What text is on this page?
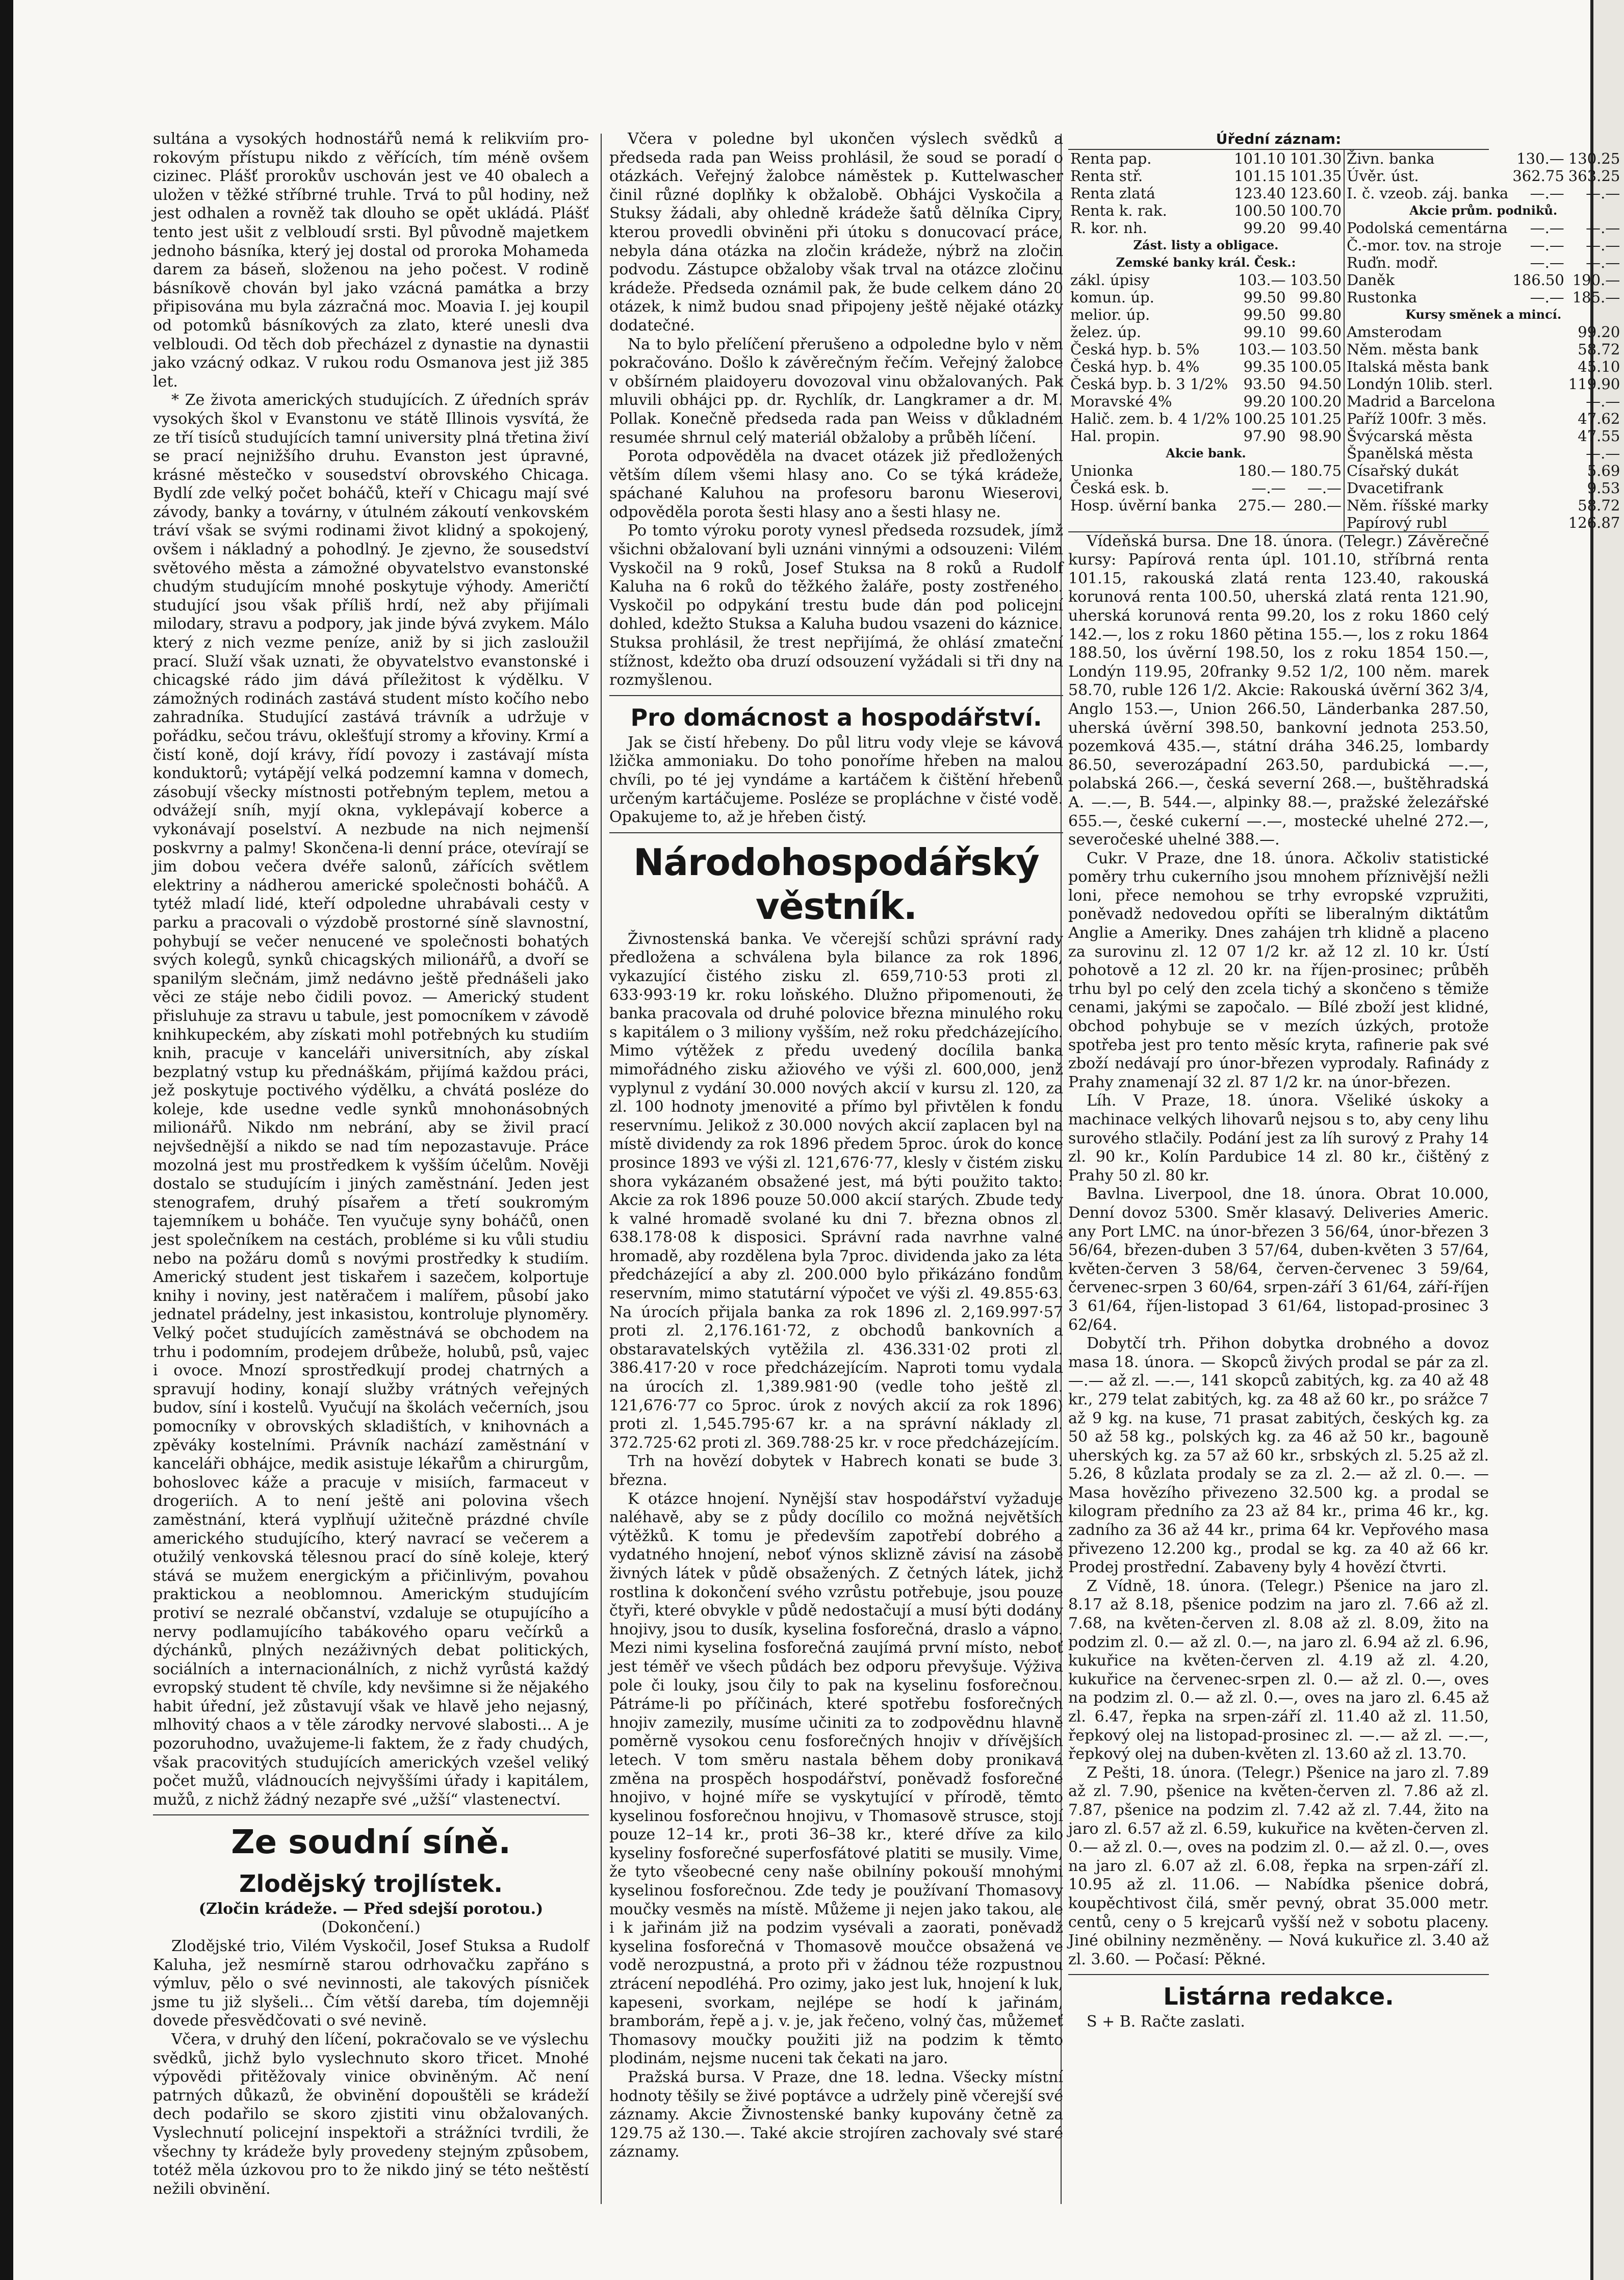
sultána a vysokých hodnostářů nemá k relikviím pro- rokovým přístupu nikdo z věřících, tím méně ovšem cizinec. Plášť prorokův uschován jest ve 40 obalech a uložen v těžké stříbrné truhle. Trvá to půl hodiny, než jest odhalen a rovněž tak dlouho se opět ukládá. Plášť tento jest ušit z velbloudí srsti. Byl původně majetkem jednoho básníka, který jej dostal od proroka Mohameda darem za báseň, složenou na jeho počest. V rodině básníkově chován byl jako vzácná památka a brzy připisována mu byla zázračná moc. Moavia I. jej koupil od potomků básníkových za zlato, které unesli dva velbloudi. Od těch dob přecházel z dynastie na dynastii jako vzácný odkaz. V rukou rodu Osmanova jest již 385 let.

* Ze života amerických studujících. Z úředních správ vysokých škol v Evanstonu ve státě Illinois vysvítá, že ze tří tisíců studujících tamní university plná třetina živí se prací nejnižšího druhu. Evanston jest úpravné, krásné městečko v sousedství obrovského Chicaga. Bydlí zde velký počet boháčů, kteří v Chicagu mají své závody, banky a továrny, v útulném zákoutí venkovském tráví však se svými rodinami život klidný a spokojený, ovšem i nákladný a pohodlný. Je zjevno, že sousedství světového města a zámožné obyvatelstvo evanstonské chudým studujícím mnohé poskytuje výhody. Američtí studující jsou však příliš hrdí, než aby přijímali milodary, stravu a podpory, jak jinde bývá zvykem. Málo který z nich vezme peníze, aniž by si jich zasloužil prací. Služí však uznati, že obyvatelstvo evanstonské i chicagské rádo jim dává příležitost k výdělku. V zámožných rodinách zastává student místo kočího nebo zahradníka. Studující zastává trávník a udržuje v pořádku, sečou trávu, oklešťují stromy a křoviny. Krmí a čistí koně, dojí krávy, řídí povozy i zastávají místa konduktorů; vytápějí velká podzemní kamna v domech, zásobují všecky místnosti potřebným teplem, metou a odvážejí sníh, myjí okna, vyklepávají koberce a vykonávají poselství. A nezbude na nich nejmenší poskvrny a palmy! Skončena-li denní práce, otevírají se jim dobou večera dvéře salonů, zářících světlem elektriny a nádherou americké společnosti boháčů. A tytéž mladí lidé, kteří odpoledne uhrabávali cesty v parku a pracovali o výzdobě prostorné síně slavnostní, pohybují se večer nenucené ve společnosti bohatých svých kolegů, synků chicagských milionářů, a dvoří se spanilým slečnám, jimž nedávno ještě přednášeli jako věci ze stáje nebo čidili povoz. — Americký student přisluhuje za stravu u tabule, jest pomocníkem v závodě knihkupeckém, aby získati mohl potřebných ku studiím knih, pracuje v kanceláři universitních, aby získal bezplatný vstup ku přednáškám, přijímá každou práci, jež poskytuje poctivého výdělku, a chvátá posléze do koleje, kde usedne vedle synků mnohonásobných milionářů. Nikdo nm nebrání, aby se živil prací nejvšednější a nikdo se nad tím nepozastavuje. Práce mozolná jest mu prostředkem k vyšším účelům. Nověji dostalo se studujícím i jiných zaměstnání. Jeden jest stenografem, druhý písařem a třetí soukromým tajemníkem u boháče. Ten vyučuje syny boháčů, onen jest společníkem na cestách, probléme si ku vůli studiu nebo na požáru domů s novými prostředky k studiím. Americký student jest tiskařem i sazečem, kolportuje knihy i noviny, jest natěračem i malířem, působí jako jednatel prádelny, jest inkasistou, kontroluje plynoměry. Velký počet studujících zaměstnává se obchodem na trhu i podomním, prodejem drůbeže, holubů, psů, vajec i ovoce. Mnozí sprostředkují prodej chatrných a spravují hodiny, konají služby vrátných veřejných budov, síní i kostelů. Vyučují na školách večerních, jsou pomocníky v obrovských skladištích, v knihovnách a zpěváky kostelními. Právník nachází zaměstnání v kanceláři obhájce, medik asistuje lékařům a chirurgům, bohoslovec káže a pracuje v misiích, farmaceut v drogeriích. A to není ještě ani polovina všech zaměstnání, která vyplňují užitečně prázdné chvíle amerického studujícího, který navrací se večerem a otužilý venkovská tělesnou prací do síně koleje, který stává se mužem energickým a přičinlivým, povahou praktickou a neoblomnou. Americkým studujícím protiví se nezralé občanství, vzdaluje se otupujícího a nervy podlamujícího tabákového oparu večírků a dýchánků, plných nezáživných debat politických, sociálních a internacionálních, z nichž vyrůstá každý evropský student tě chvíle, kdy nevšimne si že nějakého habit úřední, jež zůstavují však ve hlavě jeho nejasný, mlhovitý chaos a v těle zárodky nervové slabosti... A je pozoruhodno, uvažujeme-li faktem, že z řady chudých, však pracovitých studujících amerických vzešel veliký počet mužů, vládnoucích nejvyššími úřady i kapitálem, mužů, z nichž žádný nezapře své „užší“ vlastenectví.

Ze soudní síně.
Zlodějský trojlístek.
(Zločin krádeže. — Před sdejší porotou.)
(Dokončení.)

Zlodějské trio, Vilém Vyskočil, Josef Stuksa a Rudolf Kaluha, jež nesmírně starou odrhovačku zapřáno s výmluv, pělo o své nevinnosti, ale takových písniček jsme tu již slyšeli... Čím větší dareba, tím dojemněji dovede přesvědčovati o své nevině.

Včera, v druhý den líčení, pokračovalo se ve výslechu svědků, jichž bylo vyslechnuto skoro třicet. Mnohé výpovědi přitěžovaly vinice obviněným. Ač není patrných důkazů, že obvinění dopouštěli se krádeží dech podařilo se skoro zjistiti vinu obžalovaných. Vyslechnutí policejní inspektoři a strážníci tvrdili, že všechny ty krádeže byly provedeny stejným způsobem, totéž měla úzkovou pro to že nikdo jiný se této neštěstí nežili obvinění.

Včera v poledne byl ukončen výslech svědků a předseda rada pan Weiss prohlásil, že soud se poradí o otázkách. Veřejný žalobce náměstek p. Kuttelwascher činil různé doplňky k obžalobě. Obhájci Vyskočila a Stuksy žádali, aby ohledně krádeže šatů dělníka Cipry, kterou provedli obviněni při útoku s donucovací práce, nebyla dána otázka na zločin krádeže, nýbrž na zločin podvodu. Zástupce obžaloby však trval na otázce zločinu krádeže. Předseda oznámil pak, že bude celkem dáno 20 otázek, k nimž budou snad připojeny ještě nějaké otázky dodatečné.

Na to bylo přelíčení přerušeno a odpoledne bylo v něm pokračováno. Došlo k závěrečným řečím. Veřejný žalobce v obšírném plaidoyeru dovozoval vinu obžalovaných. Pak mluvili obhájci pp. dr. Rychlík, dr. Langkramer a dr. M. Pollak. Konečně předseda rada pan Weiss v důkladném resumée shrnul celý materiál obžaloby a průběh líčení.

Porota odpověděla na dvacet otázek již předložených větším dílem všemi hlasy ano. Co se týká krádeže, spáchané Kaluhou na profesoru baronu Wieserovi, odpověděla porota šesti hlasy ano a šesti hlasy ne.

Po tomto výroku poroty vynesl předseda rozsudek, jímž všichni obžalovaní byli uznáni vinnými a odsouzeni: Vilém Vyskočil na 9 roků, Josef Stuksa na 8 roků a Rudolf Kaluha na 6 roků do těžkého žaláře, posty zostřeného. Vyskočil po odpykání trestu bude dán pod policejní dohled, kdežto Stuksa a Kaluha budou vsazeni do káznice. Stuksa prohlásil, že trest nepřijímá, že ohlásí zmateční stížnost, kdežto oba druzí odsouzení vyžádali si tři dny na rozmyšlenou.

Pro domácnost a hospodářství.

Jak se čistí hřebeny. Do půl litru vody vleje se kávová lžička ammoniaku. Do toho ponoříme hřeben na malou chvíli, po té jej vyndáme a kartáčem k čištění hřebenů určeným kartáčujeme. Posléze se propláchne v čisté vodě. Opakujeme to, až je hřeben čistý.

Národohospodářský věstník.

Živnostenská banka. Ve včerejší schůzi správní rady předložena a schválena byla bilance za rok 1896, vykazující čistého zisku zl. 659,710·53 proti zl. 633·993·19 kr. roku loňského. Dlužno připomenouti, že banka pracovala od druhé polovice března minulého roku s kapitálem o 3 miliony vyšším, než roku předcházejícího. Mimo výtěžek z předu uvedený docílila banka mimořádného zisku ažiového ve výši zl. 600,000, jenž vyplynul z vydání 30.000 nových akcií v kursu zl. 120, za zl. 100 hodnoty jmenovité a přímo byl přivtělen k fondu reservnímu. Jelikož z 30.000 nových akcií zaplacen byl na místě dividendy za rok 1896 předem 5proc. úrok do konce prosince 1893 ve výši zl. 121,676·77, klesly v čistém zisku shora vykázaném obsažené jest, má býti použito takto: Akcie za rok 1896 pouze 50.000 akcií starých. Zbude tedy k valné hromadě svolané ku dni 7. března obnos zl. 638.178·08 k disposici. Správní rada navrhne valné hromadě, aby rozdělena byla 7proc. dividenda jako za léta předcházející a aby zl. 200.000 bylo přikázáno fondům reservním, mimo statutární výpočet ve výši zl. 49.855·63. Na úrocích přijala banka za rok 1896 zl. 2,169.997·57 proti zl. 2,176.161·72, z obchodů bankovních a obstaravatelských vytěžila zl. 436.331·02 proti zl. 386.417·20 v roce předcházejícím. Naproti tomu vydala na úrocích zl. 1,389.981·90 (vedle toho ještě zl. 121,676·77 co 5proc. úrok z nových akcií za rok 1896) proti zl. 1,545.795·67 kr. a na správní náklady zl. 372.725·62 proti zl. 369.788·25 kr. v roce předcházejícím.

Trh na hovězí dobytek v Habrech konati se bude 3. března.

K otázce hnojení. Nynější stav hospodářství vyžaduje naléhavě, aby se z půdy docílilo co možná největších výtěžků. K tomu je především zapotřebí dobrého a vydatného hnojení, neboť výnos sklizně závisí na zásobě živných látek v půdě obsažených. Z četných látek, jichž rostlina k dokončení svého vzrůstu potřebuje, jsou pouze čtyři, které obvykle v půdě nedostačují a musí býti dodány hnojivy, jsou to dusík, kyselina fosforečná, draslo a vápno. Mezi nimi kyselina fosforečná zaujímá první místo, neboť jest téměř ve všech půdách bez odporu převyšuje. Výživa pole či louky, jsou čily to pak na kyselinu fosforečnou. Pátráme-li po příčinách, které spotřebu fosforečných hnojiv zamezily, musíme učiniti za to zodpovědnu hlavně poměrně vysokou cenu fosforečných hnojiv v dřívějších letech. V tom směru nastala během doby pronikavá změna na prospěch hospodářství, poněvadž fosforečné hnojivo, v hojné míře se vyskytující v přírodě, těmto kyselinou fosforečnou hnojivu, v Thomasově strusce, stojí pouze 12–14 kr., proti 36–38 kr., které dříve za kilo kyseliny fosforečné superfosfátové platiti se musily. Vime, že tyto všeobecné ceny naše obilníny pokouší mnohými kyselinou fosforečnou. Zde tedy je používaní Thomasovy moučky vesměs na místě. Můžeme ji nejen jako takou, ale i k jařinám již na podzim vysévali a zaorati, poněvadž kyselina fosforečná v Thomasově moučce obsažená ve vodě nerozpustná, a proto při v žádnou téže rozpustnou ztrácení nepodléhá. Pro ozimy, jako jest luk, hnojení k luk, kapeseni, svorkam, nejlépe se hodí k jařinám, bramborám, řepě a j. v. je, jak řečeno, volný čas, můžemeť Thomasovy moučky použiti již na podzim k těmto plodinám, nejsme nuceni tak čekati na jaro.

Pražská bursa. V Praze, dne 18. ledna. Všecky místní hodnoty těšily se živé poptávce a udržely pině včerejší své záznamy. Akcie Živnostenské banky kupovány četně za 129.75 až 130.—. Také akcie strojíren zachovaly své staré záznamy.

Úřední záznam:
Renta pap.	101.10	101.30
Renta stř.	101.15	101.35
Renta zlatá	123.40	123.60
Renta k. rak.	100.50	100.70
R. kor. nh.	99.20	99.40
Zást. listy a obligace.		
Zemské banky král. Česk.:		
zákl. úpisy	103.—	103.50
komun. úp.	99.50	99.80
melior. úp.	99.50	99.80
želez. úp.	99.10	99.60
Česká hyp. b. 5%	103.—	103.50
Česká hyp. b. 4%	99.35	100.05
Česká byp. b. 3 1/2%	93.50	94.50
Moravské 4%	99.20	100.20
Halič. zem. b. 4 1/2%	100.25	101.25
Hal. propin.	97.90	98.90
Akcie bank.		
Unionka	180.—	180.75
Česká esk. b.	—.—	—.—
Hosp. úvěrní banka	275.—	280.—
Živn. banka	130.—	130.25
Úvěr. úst.	362.75	363.25
I. č. vzeob. záj. banka	—.—	—.—
Akcie prům. podniků.		
Podolská cementárna	—.—	—.—
Č.-mor. tov. na stroje	—.—	—.—
Ruďn. modř.	—.—	—.—
Daněk	186.50	190.—
Rustonka	—.—	185.—
Kursy směnek a mincí.		
Amsterodam		99.20
Něm. města bank		58.72
Italská města bank		45.10
Londýn 10lib. sterl.		119.90
Madrid a Barcelona		—.—
Paříž 100fr. 3 měs.		47.62
Švýcarská města		47.55
Španělská města		—.—
Císařský dukát		5.69
Dvacetifrank		9.53
Něm. říšské marky		58.72
Papírový rubl		126.87

Vídeňská bursa. Dne 18. února. (Telegr.) Závěrečné kursy: Papírová renta úpl. 101.10, stříbrná renta 101.15, rakouská zlatá renta 123.40, rakouská korunová renta 100.50, uherská zlatá renta 121.90, uherská korunová renta 99.20, los z roku 1860 celý 142.—, los z roku 1860 pětina 155.—, los z roku 1864 188.50, los úvěrní 198.50, los z roku 1854 150.—, Londýn 119.95, 20franky 9.52 1/2, 100 něm. marek 58.70, ruble 126 1/2. Akcie: Rakouská úvěrní 362 3/4, Anglo 153.—, Union 266.50, Länderbanka 287.50, uherská úvěrní 398.50, bankovní jednota 253.50, pozemková 435.—, státní dráha 346.25, lombardy 86.50, severozápadní 263.50, pardubická —.—, polabská 266.—, česká severní 268.—, buštěhradská A. —.—, B. 544.—, alpinky 88.—, pražské železářské 655.—, české cukerní —.—, mostecké uhelné 272.—, severočeské uhelné 388.—.

Cukr. V Praze, dne 18. února. Ačkoliv statistické poměry trhu cukerního jsou mnohem příznivější nežli loni, přece nemohou se trhy evropské vzpružiti, poněvadž nedovedou opříti se liberalným diktátům Anglie a Ameriky. Dnes zahájen trh klidně a placeno za surovinu zl. 12 07 1/2 kr. až 12 zl. 10 kr. Ústí pohotově a 12 zl. 20 kr. na říjen-prosinec; průběh trhu byl po celý den zcela tichý a skončeno s těmiže cenami, jakými se započalo. — Bílé zboží jest klidné, obchod pohybuje se v mezích úzkých, protože spotřeba jest pro tento měsíc kryta, rafinerie pak své zboží nedávají pro únor-březen vyprodaly. Rafinády z Prahy znamenají 32 zl. 87 1/2 kr. na únor-březen.

Líh. V Praze, 18. února. Všeliké úskoky a machinace velkých lihovarů nejsou s to, aby ceny lihu surového stlačily. Podání jest za líh surový z Prahy 14 zl. 90 kr., Kolín Pardubice 14 zl. 80 kr., čištěný z Prahy 50 zl. 80 kr.

Bavlna. Liverpool, dne 18. února. Obrat 10.000, Denní dovoz 5300. Směr klasavý. Deliveries Americ. any Port LMC. na únor-březen 3 56/64, únor-březen 3 56/64, březen-duben 3 57/64, duben-květen 3 57/64, květen-červen 3 58/64, červen-červenec 3 59/64, červenec-srpen 3 60/64, srpen-září 3 61/64, září-říjen 3 61/64, říjen-listopad 3 61/64, listopad-prosinec 3 62/64.

Dobytčí trh. Přihon dobytka drobného a dovoz masa 18. února. — Skopců živých prodal se pár za zl. —.— až zl. —.—, 141 skopců zabitých, kg. za 40 až 48 kr., 279 telat zabitých, kg. za 48 až 60 kr., po srážce 7 až 9 kg. na kuse, 71 prasat zabitých, českých kg. za 50 až 58 kg., polských kg. za 46 až 50 kr., bagouně uherských kg. za 57 až 60 kr., srbských zl. 5.25 až zl. 5.26, 8 kůzlata prodaly se za zl. 2.— až zl. 0.—. — Masa hovězího přivezeno 32.500 kg. a prodal se kilogram předního za 23 až 84 kr., prima 46 kr., kg. zadního za 36 až 44 kr., prima 64 kr. Vepřového masa přivezeno 12.200 kg., prodal se kg. za 40 až 66 kr. Prodej prostřední. Zabaveny byly 4 hovězí čtvrti.

Z Vídně, 18. února. (Telegr.) Pšenice na jaro zl. 8.17 až 8.18, pšenice podzim na jaro zl. 7.66 až zl. 7.68, na květen-červen zl. 8.08 až zl. 8.09, žito na podzim zl. 0.— až zl. 0.—, na jaro zl. 6.94 až zl. 6.96, kukuřice na květen-červen zl. 4.19 až zl. 4.20, kukuřice na červenec-srpen zl. 0.— až zl. 0.—, oves na podzim zl. 0.— až zl. 0.—, oves na jaro zl. 6.45 až zl. 6.47, řepka na srpen-září zl. 11.40 až zl. 11.50, řepkový olej na listopad-prosinec zl. —.— až zl. —.—, řepkový olej na duben-květen zl. 13.60 až zl. 13.70.

Z Pešti, 18. února. (Telegr.) Pšenice na jaro zl. 7.89 až zl. 7.90, pšenice na květen-červen zl. 7.86 až zl. 7.87, pšenice na podzim zl. 7.42 až zl. 7.44, žito na jaro zl. 6.57 až zl. 6.59, kukuřice na květen-červen zl. 0.— až zl. 0.—, oves na podzim zl. 0.— až zl. 0.—, oves na jaro zl. 6.07 až zl. 6.08, řepka na srpen-září zl. 10.95 až zl. 11.06. — Nabídka pšenice dobrá, koupěchtivost čilá, směr pevný, obrat 35.000 metr. centů, ceny o 5 krejcarů vyšší než v sobotu placeny. Jiné obilniny nezměněny. — Nová kukuřice zl. 3.40 až zl. 3.60. — Počasí: Pěkné.

Listárna redakce.

S + B. Račte zaslati.
